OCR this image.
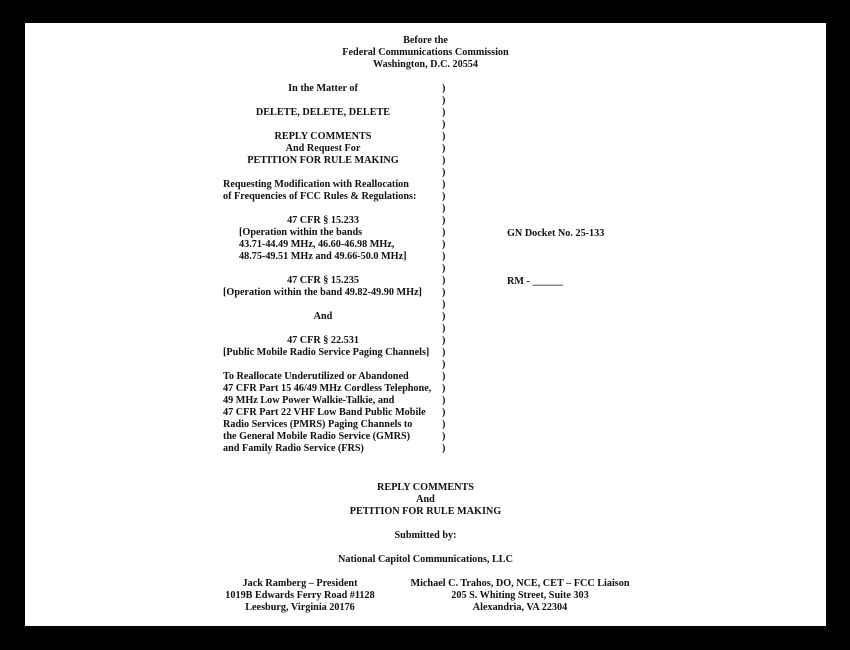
Before the
Federal Communications Commission
Washington, D.C. 20554
In the Matter of
DELETE, DELETE, DELETE
REPLY COMMENTS
And Request For
PETITION FOR RULE MAKING
Requesting Modification with Reallocation
of Frequencies of FCC Rules & Regulations:
47 CFR § 15.233
[Operation within the bands
43.71-44.49 MHz, 46.60-46.98 MHz,
48.75-49.51 MHz and 49.66-50.0 MHz]
47 CFR § 15.235
[Operation within the band 49.82-49.90 MHz]
And
47 CFR § 22.531
[Public Mobile Radio Service Paging Channels]
To Reallocate Underutilized or Abandoned
47 CFR Part 15 46/49 MHz Cordless Telephone,
49 MHz Low Power Walkie-Talkie, and
47 CFR Part 22 VHF Low Band Public Mobile
Radio Services (PMRS) Paging Channels to
the General Mobile Radio Service (GMRS)
and Family Radio Service (FRS)
)
)
)
)
)
)
)
)
)
)
)
)
)
)
)
)
)
)
)
)
)
)
)
)
)
)
)
)
)
)
)
GN Docket No. 25-133
RM - ______
REPLY COMMENTS
And
PETITION FOR RULE MAKING
Submitted by:
National Capitol Communications, LLC
Jack Ramberg – President
1019B Edwards Ferry Road #1128
Leesburg, Virginia 20176
Michael C. Trahos, DO, NCE, CET – FCC Liaison
205 S. Whiting Street, Suite 303
Alexandria, VA 22304
